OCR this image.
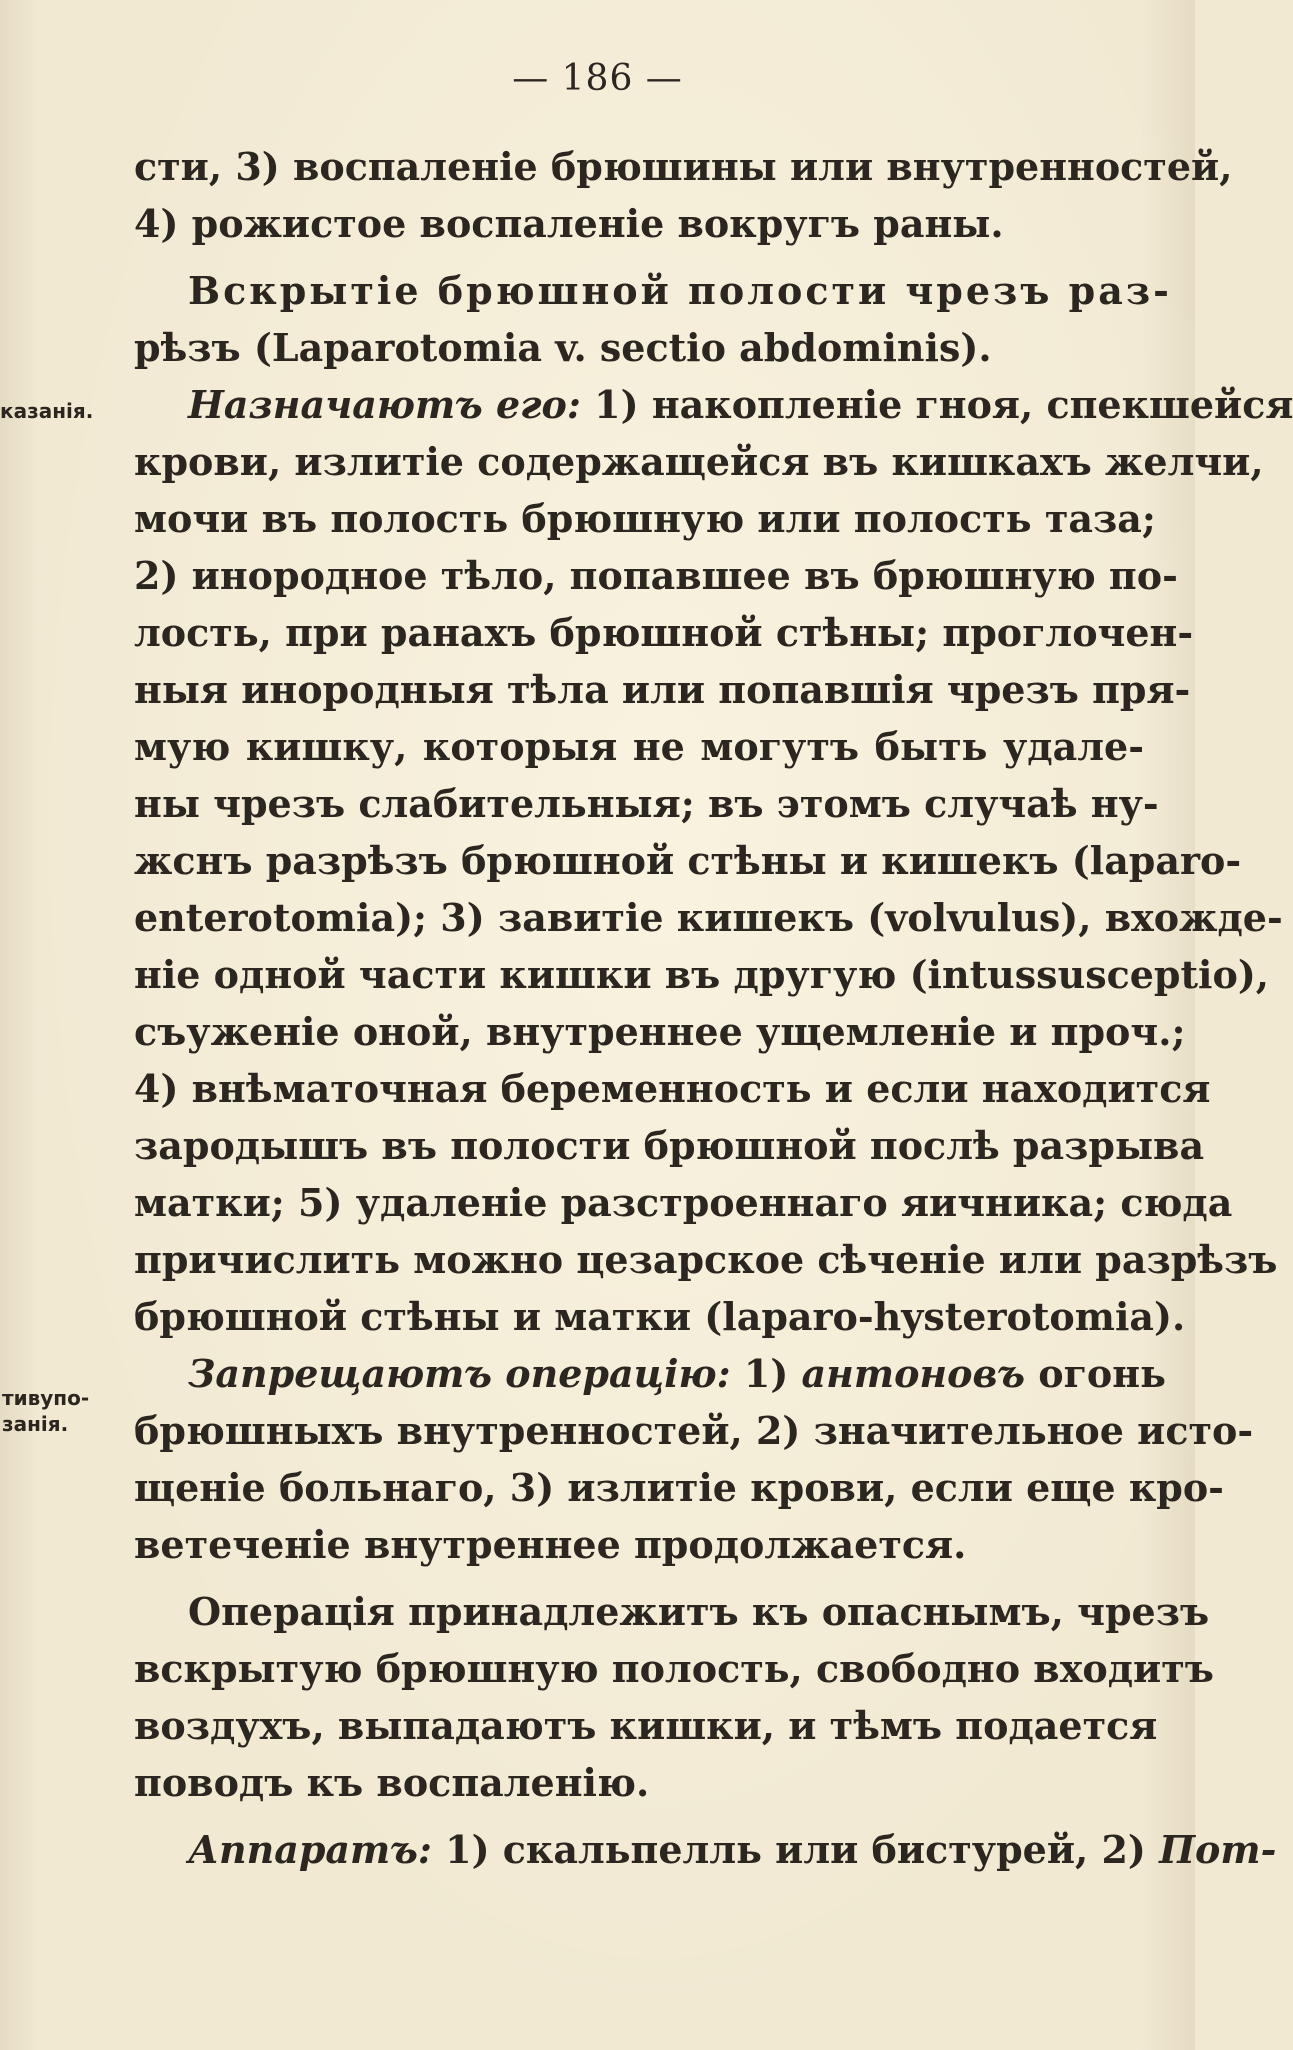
— 186 —
казанія.
тивупо-
занія.
сти, 3) воспаленіе брюшины или внутренностей,
4) рожистое воспаленіе вокругъ раны.
Вскрытіе брюшной полости чрезъ раз-
рѣзъ (Laparotomia v. sectio abdominis).
Назначаютъ его: 1) накопленіе гноя, спекшейся
крови, излитіе содержащейся въ кишкахъ желчи,
мочи въ полость брюшную или полость таза;
2) инородное тѣло, попавшее въ брюшную по-
лость, при ранахъ брюшной стѣны; проглочен-
ныя инородныя тѣла или попавшія чрезъ пря-
мую кишку, которыя не могутъ быть удале-
ны чрезъ слабительныя; въ этомъ случаѣ ну-
жснъ разрѣзъ брюшной стѣны и кишекъ (laparo-
enterotomia); 3) завитіе кишекъ (volvulus), вхожде-
ніе одной части кишки въ другую (intussusceptio),
съуженіе оной, внутреннее ущемленіе и проч.;
4) внѣматочная беременность и если находится
зародышъ въ полости брюшной послѣ разрыва
матки; 5) удаленіе разстроеннаго яичника; сюда
причислить можно цезарское сѣченіе или разрѣзъ
брюшной стѣны и матки (laparo-hysterotomia).
Запрещаютъ операцію: 1) антоновъ огонь
брюшныхъ внутренностей, 2) значительное исто-
щеніе больнаго, 3) излитіе крови, если еще кро-
ветеченіе внутреннее продолжается.
Операція принадлежитъ къ опаснымъ, чрезъ
вскрытую брюшную полость, свободно входитъ
воздухъ, выпадаютъ кишки, и тѣмъ подается
поводъ къ воспаленію.
Аппаратъ: 1) скальпелль или бистурей, 2) Пот-
